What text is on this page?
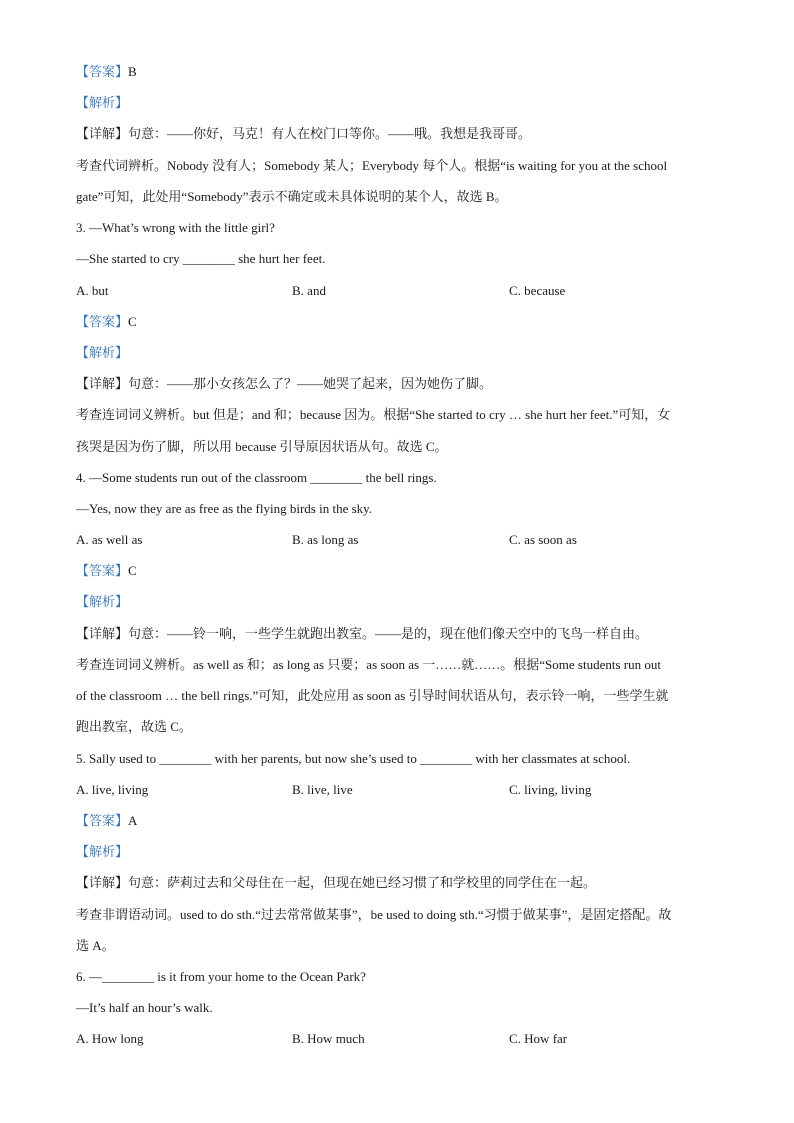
【答案】B
【解析】
【详解】句意：——你好，马克！有人在校门口等你。——哦。我想是我哥哥。
考查代词辨析。Nobody 没有人；Somebody 某人；Everybody 每个人。根据“is waiting for you at the school
gate”可知，此处用“Somebody”表示不确定或未具体说明的某个人，故选 B。
3. —What’s wrong with the little girl?
—She started to cry ________ she hurt her feet.
A. but	B. and	C. because
【答案】C
【解析】
【详解】句意：——那小女孩怎么了？——她哭了起来，因为她伤了脚。
考查连词词义辨析。but 但是；and 和；because 因为。根据“She started to cry … she hurt her feet.”可知，女
孩哭是因为伤了脚，所以用 because 引导原因状语从句。故选 C。
4. —Some students run out of the classroom ________ the bell rings.
—Yes, now they are as free as the flying birds in the sky.
A. as well as	B. as long as	C. as soon as
【答案】C
【解析】
【详解】句意：——铃一响，一些学生就跑出教室。——是的，现在他们像天空中的飞鸟一样自由。
考查连词词义辨析。as well as 和；as long as 只要；as soon as 一……就……。根据“Some students run out
of the classroom … the bell rings.”可知，此处应用 as soon as 引导时间状语从句，表示铃一响，一些学生就
跑出教室，故选 C。
5. Sally used to ________ with her parents, but now she’s used to ________ with her classmates at school.
A. live, living	B. live, live	C. living, living
【答案】A
【解析】
【详解】句意：萨莉过去和父母住在一起，但现在她已经习惯了和学校里的同学住在一起。
考查非谓语动词。used to do sth.“过去常常做某事”，be used to doing sth.“习惯于做某事”，是固定搭配。故
选 A。
6. —________ is it from your home to the Ocean Park?
—It’s half an hour’s walk.
A. How long	B. How much	C. How far
